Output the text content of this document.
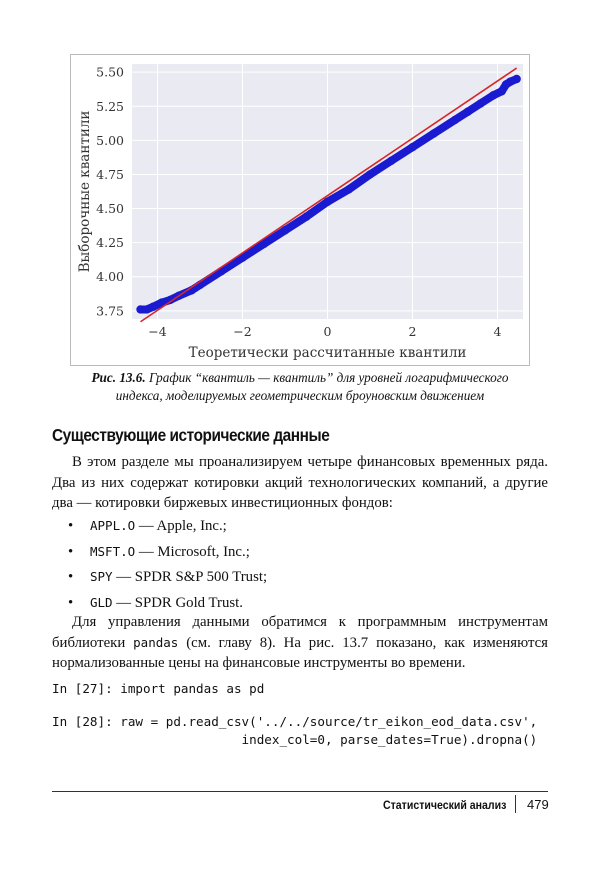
−4	−2	0	2	4
3.75
4.00
4.25
4.50
4.75
5.00
5.25
5.50
Теоретически рассчитанные квантили
Выборочные квантили
Рис. 13.6. График “квантиль — квантиль” для уровней логарифмического индекса, моделируемых геометрическим броуновским движением
Существующие исторические данные
В этом разделе мы проанализируем четыре финансовых временных ряда. Два из них содержат котировки акций технологических компаний, а другие два — котировки биржевых инвестиционных фондов:
• APPL.O — Apple, Inc.;
• MSFT.O — Microsoft, Inc.;
• SPY — SPDR S&P 500 Trust;
• GLD — SPDR Gold Trust.
Для управления данными обратимся к программным инструментам библиотеки pandas (см. главу 8). На рис. 13.7 показано, как изменяются нормализованные цены на финансовые инструменты во времени.
In [27]: import pandas as pd
In [28]: raw = pd.read_csv('../../source/tr_eikon_eod_data.csv',
index_col=0, parse_dates=True).dropna()
Статистический анализ 479
